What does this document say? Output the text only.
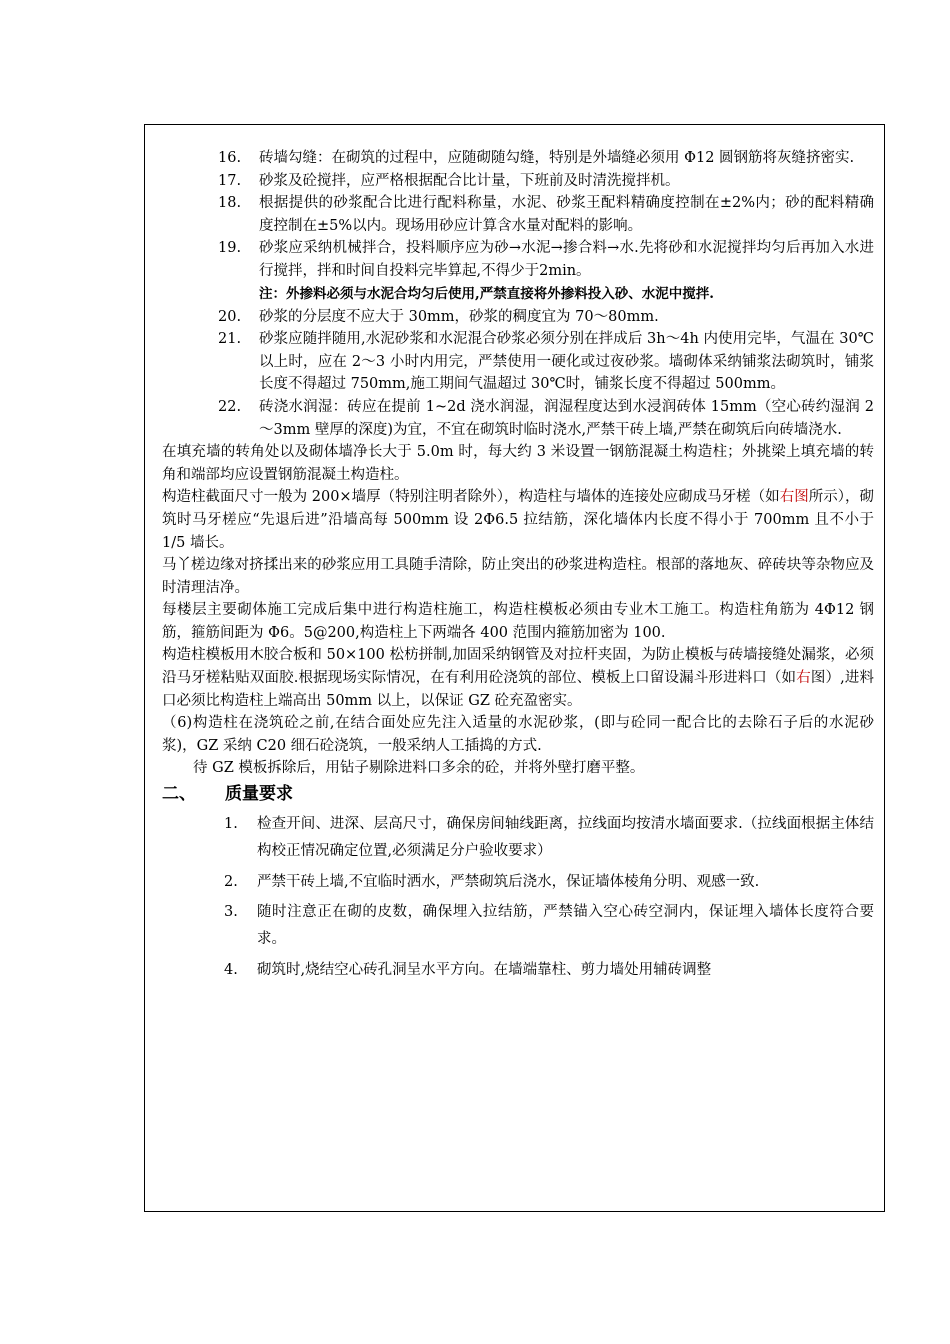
16. 砖墙勾缝：在砌筑的过程中，应随砌随勾缝，特别是外墙缝必须用 Φ12 圆钢筋将灰缝挤密实.
17. 砂浆及砼搅拌，应严格根据配合比计量，下班前及时清洗搅拌机。
18. 根据提供的砂浆配合比进行配料称量，水泥、砂浆王配料精确度控制在±2%内；砂的配料精确度控制在±5%以内。现场用砂应计算含水量对配料的影响。
19. 砂浆应采纳机械拌合，投料顺序应为砂→水泥→掺合料→水.先将砂和水泥搅拌均匀后再加入水进行搅拌，拌和时间自投料完毕算起,不得少于2min。
注：外掺料必须与水泥合均匀后使用,严禁直接将外掺料投入砂、水泥中搅拌.
20. 砂浆的分层度不应大于 30mm，砂浆的稠度宜为 70～80mm.
21. 砂浆应随拌随用,水泥砂浆和水泥混合砂浆必须分别在拌成后 3h～4h 内使用完毕，气温在 30℃以上时，应在 2～3 小时内用完，严禁使用一硬化或过夜砂浆。墙砌体采纳铺浆法砌筑时，铺浆长度不得超过 750mm,施工期间气温超过 30℃时，铺浆长度不得超过 500mm。
22. 砖浇水润湿：砖应在提前 1~2d 浇水润湿，润湿程度达到水浸润砖体 15mm（空心砖约湿润 2～3mm 壁厚的深度)为宜，不宜在砌筑时临时浇水,严禁干砖上墙,严禁在砌筑后向砖墙浇水.
在填充墙的转角处以及砌体墙净长大于 5.0m 时，每大约 3 米设置一钢筋混凝土构造柱；外挑梁上填充墙的转角和端部均应设置钢筋混凝土构造柱。
构造柱截面尺寸一般为 200×墙厚（特别注明者除外），构造柱与墙体的连接处应砌成马牙槎（如右图所示），砌筑时马牙槎应“先退后进”沿墙高每 500mm 设 2Φ6.5 拉结筋，深化墙体内长度不得小于 700mm 且不小于 1/5 墙长。
马丫槎边缘对挤揉出来的砂浆应用工具随手清除，防止突出的砂浆进构造柱。根部的落地灰、碎砖块等杂物应及时清理洁净。
每楼层主要砌体施工完成后集中进行构造柱施工，构造柱模板必须由专业木工施工。构造柱角筋为 4Φ12 钢筋，箍筋间距为 Φ6。5@200,构造柱上下两端各 400 范围内箍筋加密为 100.
构造柱模板用木胶合板和 50×100 松枋拼制,加固采纳钢管及对拉杆夹固，为防止模板与砖墙接缝处漏浆，必须沿马牙槎粘贴双面胶.根据现场实际情况，在有利用砼浇筑的部位、模板上口留设漏斗形进料口（如右图）,进料口必须比构造柱上端高出 50mm 以上，以保证 GZ 砼充盈密实。
（6)构造柱在浇筑砼之前,在结合面处应先注入适量的水泥砂浆，(即与砼同一配合比的去除石子后的水泥砂浆)，GZ 采纳 C20 细石砼浇筑，一般采纳人工插捣的方式.
待 GZ 模板拆除后，用钻子剔除进料口多余的砼，并将外壁打磨平整。
二、 质量要求
1. 检查开间、进深、层高尺寸，确保房间轴线距离，拉线面均按清水墙面要求.（拉线面根据主体结构校正情况确定位置,必须满足分户验收要求）
2. 严禁干砖上墙,不宜临时洒水，严禁砌筑后浇水，保证墙体棱角分明、观感一致.
3. 随时注意正在砌的皮数，确保埋入拉结筋，严禁锚入空心砖空洞内，保证埋入墙体长度符合要求。
4. 砌筑时,烧结空心砖孔洞呈水平方向。在墙端靠柱、剪力墙处用辅砖调整
